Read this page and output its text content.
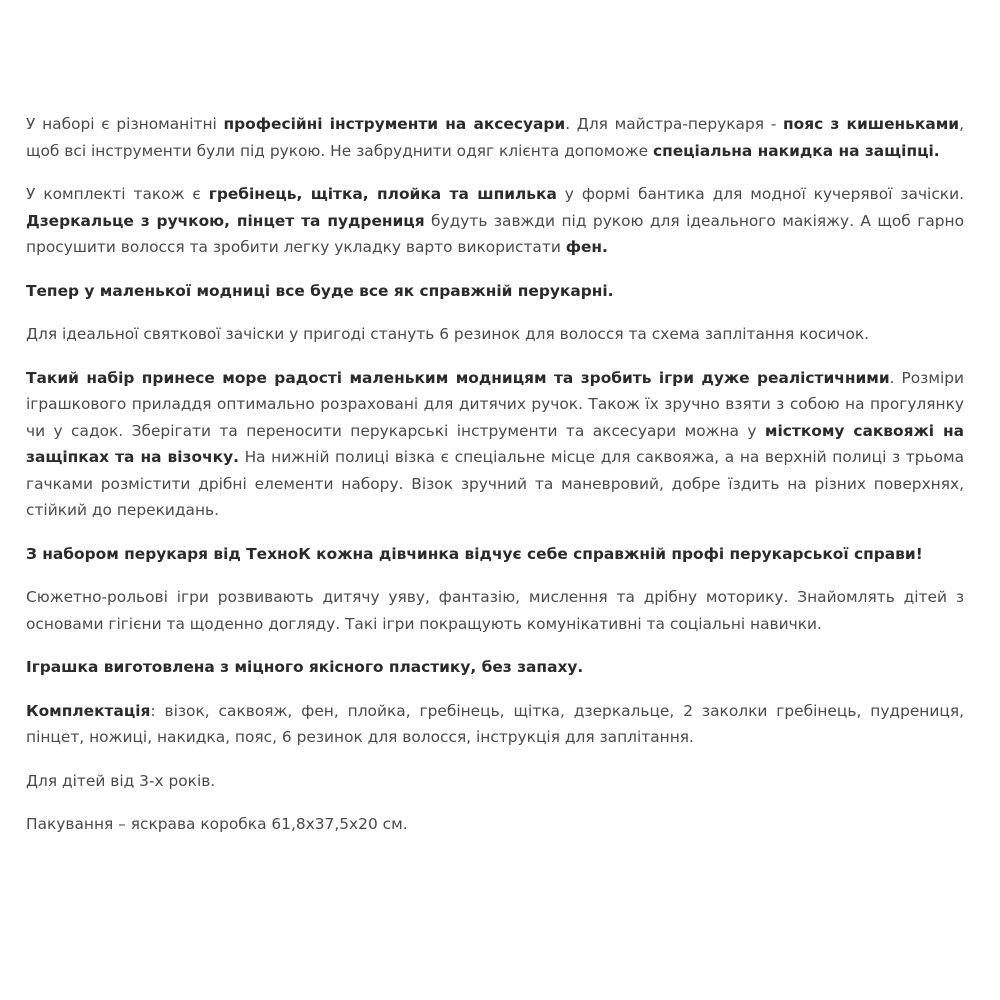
У наборі є різноманітні професійні інструменти на аксесуари. Для майстра-перукаря - пояс з кишеньками, щоб всі інструменти були під рукою. Не забруднити одяг клієнта допоможе спеціальна накидка на защіпці.

У комплекті також є гребінець, щітка, плойка та шпилька у формі бантика для модної кучерявої зачіски. Дзеркальце з ручкою, пінцет та пудрениця будуть завжди під рукою для ідеального макіяжу. А щоб гарно просушити волосся та зробити легку укладку варто використати фен.

Тепер у маленької модниці все буде все як справжній перукарні.

Для ідеальної святкової зачіски у пригоді стануть 6 резинок для волосся та схема заплітання косичок.

Такий набір принесе море радості маленьким модницям та зробить ігри дуже реалістичними. Розміри іграшкового приладдя оптимально розраховані для дитячих ручок. Також їх зручно взяти з собою на прогулянку чи у садок. Зберігати та переносити перукарські інструменти та аксесуари можна у місткому саквояжі на защіпках та на візочку. На нижній полиці візка є спеціальне місце для саквояжа, а на верхній полиці з трьома гачками розмістити дрібні елементи набору. Візок зручний та маневровий, добре їздить на різних поверхнях, стійкий до перекидань.

З набором перукаря від ТехноК кожна дівчинка відчує себе справжній профі перукарської справи!

Сюжетно-рольові ігри розвивають дитячу уяву, фантазію, мислення та дрібну моторику. Знайомлять дітей з основами гігієни та щоденно догляду. Такі ігри покращують комунікативні та соціальні навички.

Іграшка виготовлена з міцного якісного пластику, без запаху.

Комплектація: візок, саквояж, фен, плойка, гребінець, щітка, дзеркальце, 2 заколки гребінець, пудрениця, пінцет, ножиці, накидка, пояс, 6 резинок для волосся, інструкція для заплітання.

Для дітей від 3-х років.

Пакування – яскрава коробка 61,8x37,5x20 см.
